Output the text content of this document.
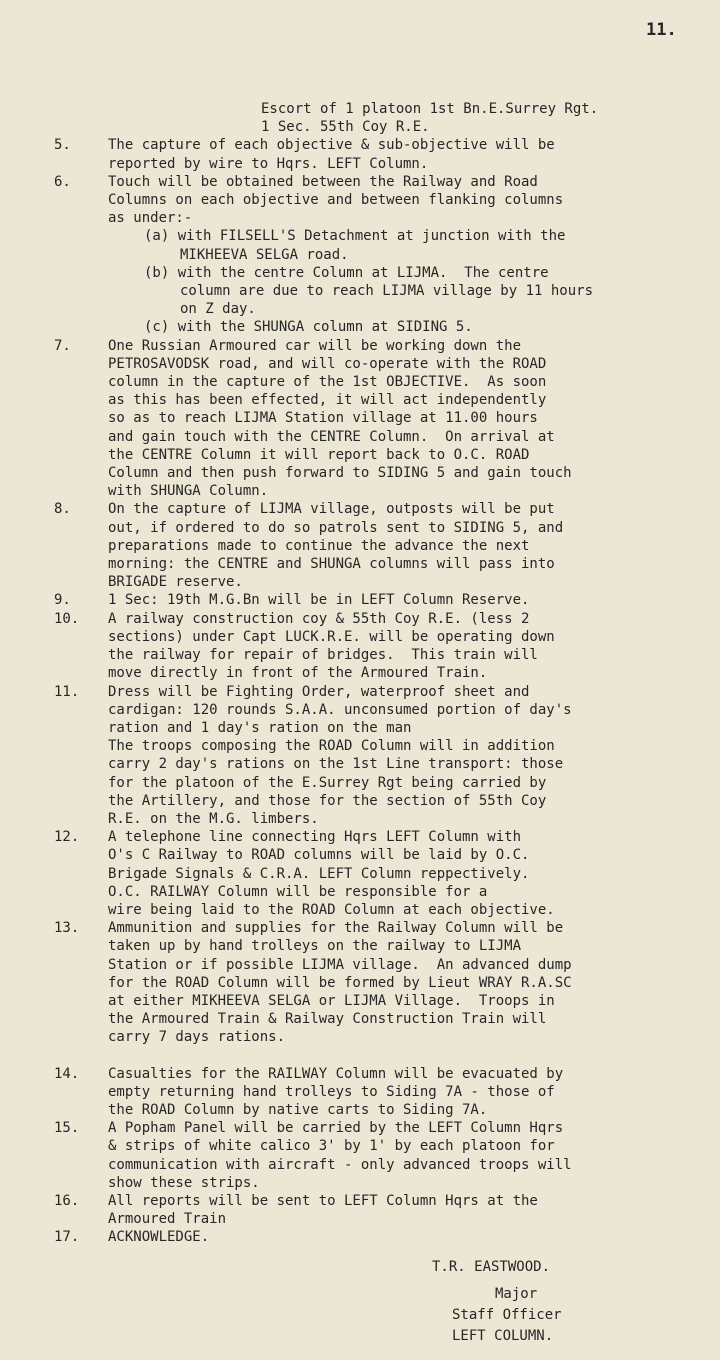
11.
Escort of 1 platoon 1st Bn.E.Surrey Rgt.
1 Sec. 55th Coy R.E.
5.	The capture of each objective & sub-objective will be
reported by wire to Hqrs. LEFT Column.
6.	Touch will be obtained between the Railway and Road
Columns on each objective and between flanking columns
as under:-
(a) with FILSELL'S Detachment at junction with the
MIKHEEVA SELGA road.
(b) with the centre Column at LIJMA.  The centre
column are due to reach LIJMA village by 11 hours
on Z day.
(c) with the SHUNGA column at SIDING 5.
7.	One Russian Armoured car will be working down the
PETROSAVODSK road, and will co-operate with the ROAD
column in the capture of the 1st OBJECTIVE.  As soon
as this has been effected, it will act independently
so as to reach LIJMA Station village at 11.00 hours
and gain touch with the CENTRE Column.  On arrival at
the CENTRE Column it will report back to O.C. ROAD
Column and then push forward to SIDING 5 and gain touch
with SHUNGA Column.
8.	On the capture of LIJMA village, outposts will be put
out, if ordered to do so patrols sent to SIDING 5, and
preparations made to continue the advance the next
morning: the CENTRE and SHUNGA columns will pass into
BRIGADE reserve.
9.	1 Sec: 19th M.G.Bn will be in LEFT Column Reserve.
10. A railway construction coy & 55th Coy R.E. (less 2
sections) under Capt LUCK.R.E. will be operating down
the railway for repair of bridges.  This train will
move directly in front of the Armoured Train.
11. Dress will be Fighting Order, waterproof sheet and
cardigan: 120 rounds S.A.A. unconsumed portion of day's
ration and 1 day's ration on the man
The troops composing the ROAD Column will in addition
carry 2 day's rations on the 1st Line transport: those
for the platoon of the E.Surrey Rgt being carried by
the Artillery, and those for the section of 55th Coy
R.E. on the M.G. limbers.
12. A telephone line connecting Hqrs LEFT Column with
O's C Railway to ROAD columns will be laid by O.C.
Brigade Signals & C.R.A. LEFT Column reppectively.
O.C. RAILWAY Column will be responsible for a
wire being laid to the ROAD Column at each objective.
13. Ammunition and supplies for the Railway Column will be
taken up by hand trolleys on the railway to LIJMA
Station or if possible LIJMA village.  An advanced dump
for the ROAD Column will be formed by Lieut WRAY R.A.SC
at either MIKHEEVA SELGA or LIJMA Village.  Troops in
the Armoured Train & Railway Construction Train will
carry 7 days rations.
14. Casualties for the RAILWAY Column will be evacuated by
empty returning hand trolleys to Siding 7A - those of
the ROAD Column by native carts to Siding 7A.
15. A Popham Panel will be carried by the LEFT Column Hqrs
& strips of white calico 3' by 1' by each platoon for
communication with aircraft - only advanced troops will
show these strips.
16. All reports will be sent to LEFT Column Hqrs at the
Armoured Train
17. ACKNOWLEDGE.
T.R. EASTWOOD.
Major
Staff Officer
LEFT COLUMN.
